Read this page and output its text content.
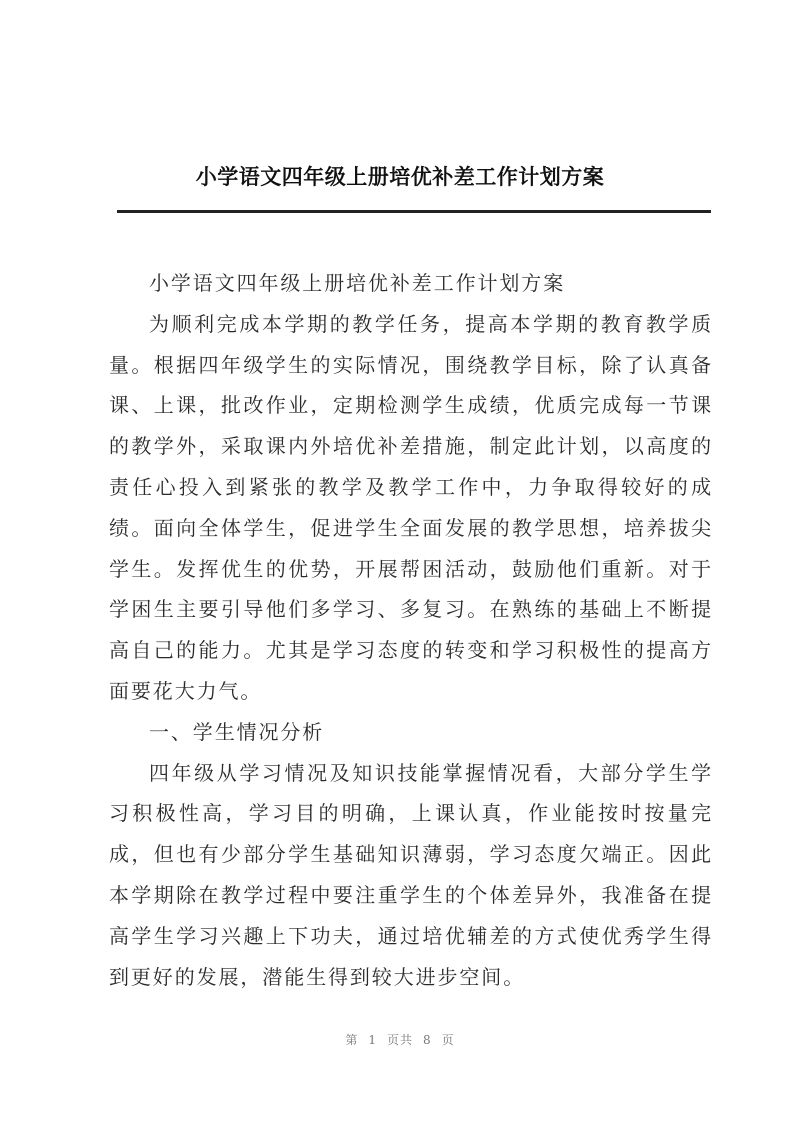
小学语文四年级上册培优补差工作计划方案

小学语文四年级上册培优补差工作计划方案

为顺利完成本学期的教学任务，提高本学期的教育教学质量。根据四年级学生的实际情况，围绕教学目标，除了认真备课、上课，批改作业，定期检测学生成绩，优质完成每一节课的教学外，采取课内外培优补差措施，制定此计划，以高度的责任心投入到紧张的教学及教学工作中，力争取得较好的成绩。面向全体学生，促进学生全面发展的教学思想，培养拔尖学生。发挥优生的优势，开展帮困活动，鼓励他们重新。对于学困生主要引导他们多学习、多复习。在熟练的基础上不断提高自己的能力。尤其是学习态度的转变和学习积极性的提高方面要花大力气。

一、学生情况分析

四年级从学习情况及知识技能掌握情况看，大部分学生学习积极性高，学习目的明确，上课认真，作业能按时按量完成，但也有少部分学生基础知识薄弱，学习态度欠端正。因此本学期除在教学过程中要注重学生的个体差异外，我准备在提高学生学习兴趣上下功夫，通过培优辅差的方式使优秀学生得到更好的发展，潜能生得到较大进步空间。

第 1 页共 8 页
